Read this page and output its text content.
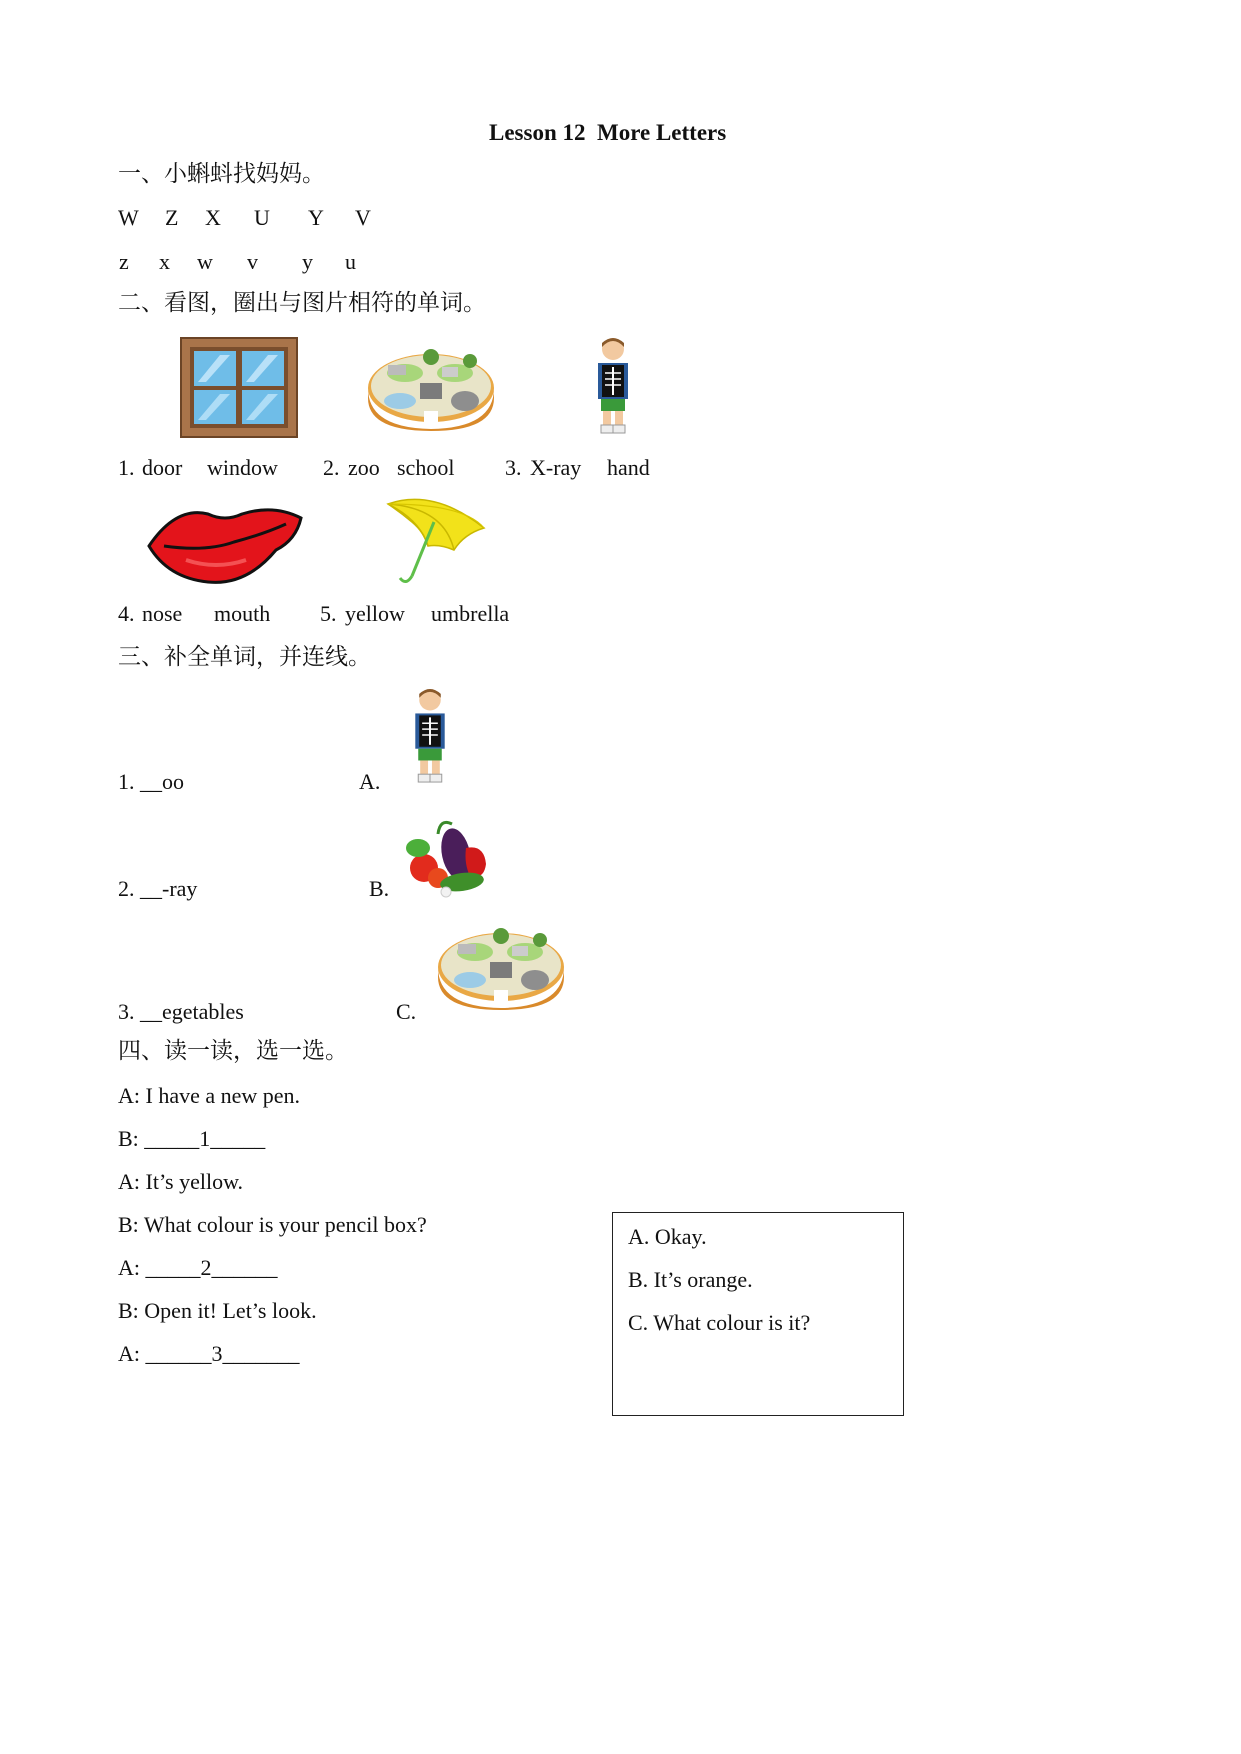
Lesson 12  More Letters
一、小蝌蚪找妈妈。
W Z X U Y V
z x w v y u
二、看图，圈出与图片相符的单词。
1. door window 2. zoo school 3. X-ray hand
4. nose mouth 5. yellow umbrella
三、补全单词，并连线。
1. __oo
2. __-ray
3. __egetables
A.
B.
C.
四、读一读，选一选。
A: I have a new pen.
B: _____1_____
A: It’s yellow.
B: What colour is your pencil box?
A: _____2______
B: Open it! Let’s look.
A: ______3_______
A. Okay.
B. It’s orange.
C. What colour is it?
